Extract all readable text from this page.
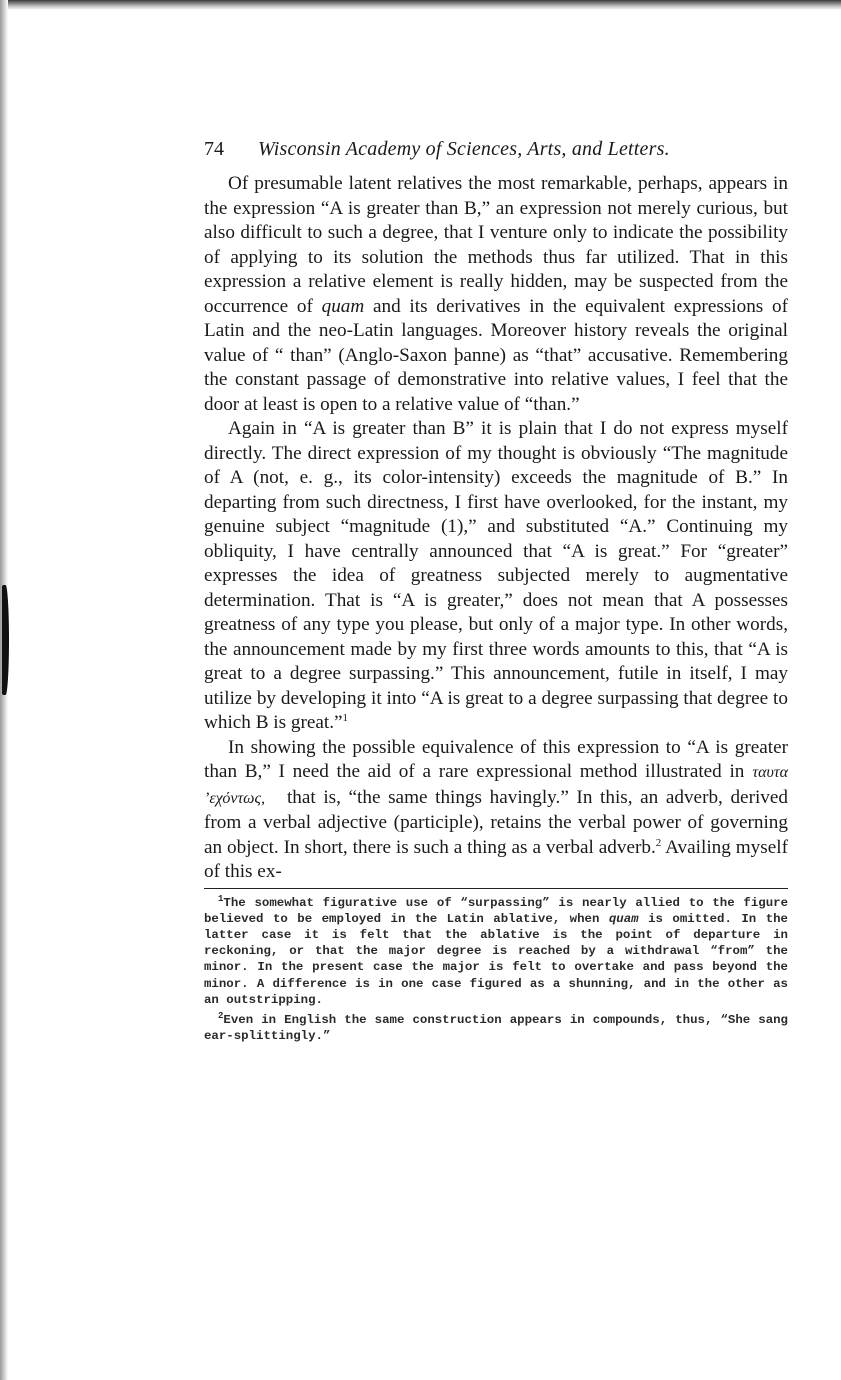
74	Wisconsin Academy of Sciences, Arts, and Letters.

Of presumable latent relatives the most remarkable, perhaps, appears in the expression “A is greater than B,” an expression not merely curious, but also difficult to such a degree, that I venture only to indicate the possibility of applying to its solution the methods thus far utilized. That in this expression a relative element is really hidden, may be suspected from the occurrence of quam and its derivatives in the equivalent expressions of Latin and the neo-Latin languages. Moreover history reveals the original value of “ than” (Anglo-Saxon þanne) as “that” accusative. Remembering the constant passage of demonstrative into relative values, I feel that the door at least is open to a relative value of “than.”

Again in “A is greater than B” it is plain that I do not express myself directly. The direct expression of my thought is obviously “The magnitude of A (not, e. g., its color-intensity) exceeds the magnitude of B.” In departing from such directness, I first have overlooked, for the instant, my genuine subject “magnitude (1),” and substituted “A.” Continuing my obliquity, I have centrally announced that “A is great.” For “greater” expresses the idea of greatness subjected merely to augmentative determination. That is “A is greater,” does not mean that A possesses greatness of any type you please, but only of a major type. In other words, the announcement made by my first three words amounts to this, that “A is great to a degree surpassing.” This announcement, futile in itself, I may utilize by developing it into “A is great to a degree surpassing that degree to which B is great.”$^1$

In showing the possible equivalence of this expression to “A is greater than B,” I need the aid of a rare expressional method illustrated in ταυτα ’εχόντως, that is, “the same things havingly.” In this, an adverb, derived from a verbal adjective (participle), retains the verbal power of governing an object. In short, there is such a thing as a verbal adverb.$^2$ Availing myself of this ex-

$^1$The somewhat figurative use of “surpassing” is nearly allied to the figure believed to be employed in the Latin ablative, when quam is omitted. In the latter case it is felt that the ablative is the point of departure in reckoning, or that the major degree is reached by a withdrawal “from” the minor. In the present case the major is felt to overtake and pass beyond the minor. A difference is in one case figured as a shunning, and in the other as an outstripping.

$^2$Even in English the same construction appears in compounds, thus, “She sang ear-splittingly.”
